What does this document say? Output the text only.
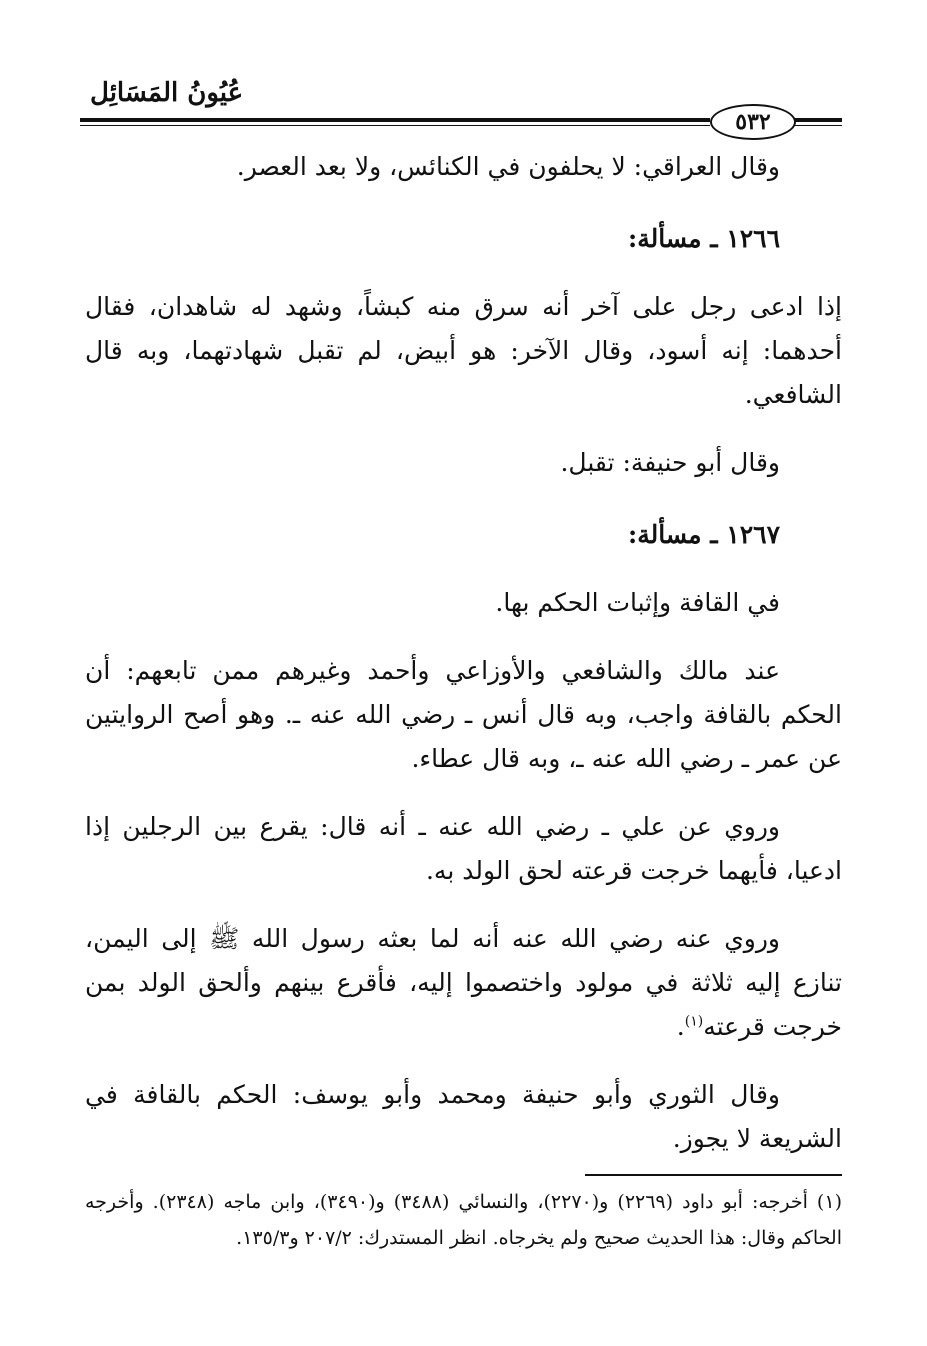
عُيُونُ المَسَائِل
٥٣٢

وقال العراقي: لا يحلفون في الكنائس، ولا بعد العصر.

١٢٦٦ ـ مسألة:

إذا ادعى رجل على آخر أنه سرق منه كبشاً، وشهد له شاهدان، فقال أحدهما: إنه أسود، وقال الآخر: هو أبيض، لم تقبل شهادتهما، وبه قال الشافعي.

وقال أبو حنيفة: تقبل.

١٢٦٧ ـ مسألة:

في القافة وإثبات الحكم بها.

عند مالك والشافعي والأوزاعي وأحمد وغيرهم ممن تابعهم: أن الحكم بالقافة واجب، وبه قال أنس ـ رضي الله عنه ـ. وهو أصح الروايتين عن عمر ـ رضي الله عنه ـ، وبه قال عطاء.

وروي عن علي ـ رضي الله عنه ـ أنه قال: يقرع بين الرجلين إذا ادعيا، فأيهما خرجت قرعته لحق الولد به.

وروي عنه رضي الله عنه أنه لما بعثه رسول الله ﷺ إلى اليمن، تنازع إليه ثلاثة في مولود واختصموا إليه، فأقرع بينهم وألحق الولد بمن خرجت قرعته$^{(١)}$.

وقال الثوري وأبو حنيفة ومحمد وأبو يوسف: الحكم بالقافة في الشريعة لا يجوز.

(١) أخرجه: أبو داود (٢٢٦٩) و(٢٢٧٠)، والنسائي (٣٤٨٨) و(٣٤٩٠)، وابن ماجه (٢٣٤٨). وأخرجه الحاكم وقال: هذا الحديث صحيح ولم يخرجاه. انظر المستدرك: ٢٠٧/٢ و١٣٥/٣.
